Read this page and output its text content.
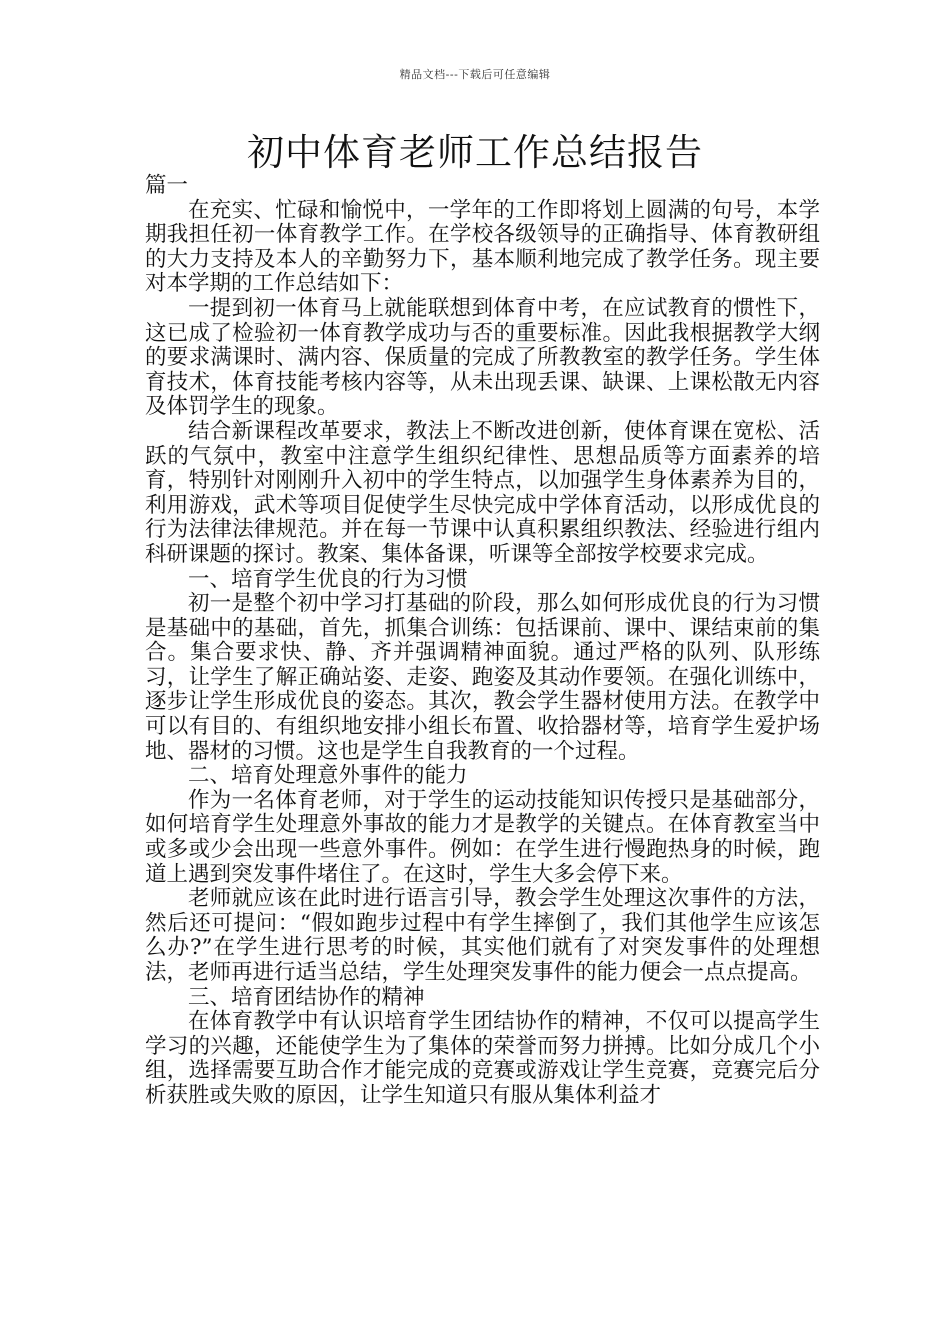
精品文档---下载后可任意编辑
初中体育老师工作总结报告

篇一

在充实、忙碌和愉悦中，一学年的工作即将划上圆满的句号，本学期我担任初一体育教学工作。在学校各级领导的正确指导、体育教研组的大力支持及本人的辛勤努力下，基本顺利地完成了教学任务。现主要对本学期的工作总结如下：

一提到初一体育马上就能联想到体育中考，在应试教育的惯性下，这已成了检验初一体育教学成功与否的重要标准。因此我根据教学大纲的要求满课时、满内容、保质量的完成了所教教室的教学任务。学生体育技术，体育技能考核内容等，从未出现丢课、缺课、上课松散无内容及体罚学生的现象。

结合新课程改革要求，教法上不断改进创新，使体育课在宽松、活跃的气氛中，教室中注意学生组织纪律性、思想品质等方面素养的培育，特别针对刚刚升入初中的学生特点，以加强学生身体素养为目的，利用游戏，武术等项目促使学生尽快完成中学体育活动，以形成优良的行为法律法律规范。并在每一节课中认真积累组织教法、经验进行组内科研课题的探讨。教案、集体备课，听课等全部按学校要求完成。

一、培育学生优良的行为习惯

初一是整个初中学习打基础的阶段，那么如何形成优良的行为习惯是基础中的基础，首先，抓集合训练：包括课前、课中、课结束前的集合。集合要求快、静、齐并强调精神面貌。通过严格的队列、队形练习，让学生了解正确站姿、走姿、跑姿及其动作要领。在强化训练中，逐步让学生形成优良的姿态。其次，教会学生器材使用方法。在教学中可以有目的、有组织地安排小组长布置、收拾器材等，培育学生爱护场地、器材的习惯。这也是学生自我教育的一个过程。

二、培育处理意外事件的能力

作为一名体育老师，对于学生的运动技能知识传授只是基础部分，如何培育学生处理意外事故的能力才是教学的关键点。在体育教室当中或多或少会出现一些意外事件。例如：在学生进行慢跑热身的时候，跑道上遇到突发事件堵住了。在这时，学生大多会停下来。

老师就应该在此时进行语言引导，教会学生处理这次事件的方法，然后还可提问：“假如跑步过程中有学生摔倒了，我们其他学生应该怎么办?”在学生进行思考的时候，其实他们就有了对突发事件的处理想法，老师再进行适当总结，学生处理突发事件的能力便会一点点提高。

三、培育团结协作的精神

在体育教学中有认识培育学生团结协作的精神，不仅可以提高学生学习的兴趣，还能使学生为了集体的荣誉而努力拼搏。比如分成几个小组，选择需要互助合作才能完成的竞赛或游戏让学生竞赛，竞赛完后分析获胜或失败的原因，让学生知道只有服从集体利益才
